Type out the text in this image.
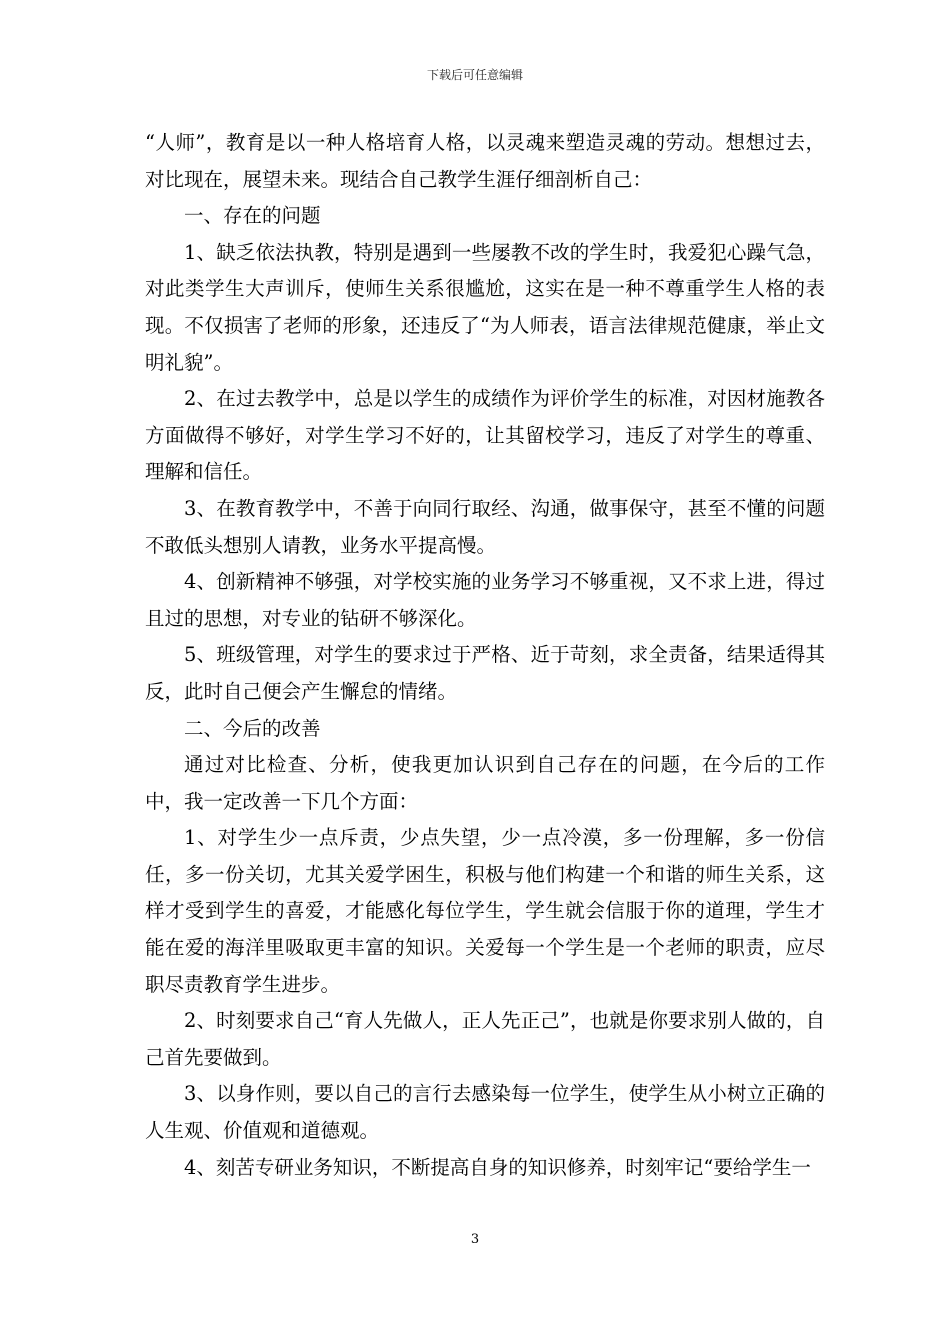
下载后可任意编辑

“人师”，教育是以一种人格培育人格，以灵魂来塑造灵魂的劳动。想想过去，对比现在，展望未来。现结合自己教学生涯仔细剖析自己：

一、存在的问题

1、缺乏依法执教，特别是遇到一些屡教不改的学生时，我爱犯心躁气急，对此类学生大声训斥，使师生关系很尴尬，这实在是一种不尊重学生人格的表现。不仅损害了老师的形象，还违反了“为人师表，语言法律规范健康，举止文明礼貌”。

2、在过去教学中，总是以学生的成绩作为评价学生的标准，对因材施教各方面做得不够好，对学生学习不好的，让其留校学习，违反了对学生的尊重、理解和信任。

3、在教育教学中，不善于向同行取经、沟通，做事保守，甚至不懂的问题不敢低头想别人请教，业务水平提高慢。

4、创新精神不够强，对学校实施的业务学习不够重视，又不求上进，得过且过的思想，对专业的钻研不够深化。

5、班级管理，对学生的要求过于严格、近于苛刻，求全责备，结果适得其反，此时自己便会产生懈怠的情绪。

二、今后的改善

通过对比检查、分析，使我更加认识到自己存在的问题，在今后的工作中，我一定改善一下几个方面：

1、对学生少一点斥责，少点失望，少一点冷漠，多一份理解，多一份信任，多一份关切，尤其关爱学困生，积极与他们构建一个和谐的师生关系，这样才受到学生的喜爱，才能感化每位学生，学生就会信服于你的道理，学生才能在爱的海洋里吸取更丰富的知识。关爱每一个学生是一个老师的职责，应尽职尽责教育学生进步。

2、时刻要求自己“育人先做人，正人先正己”，也就是你要求别人做的，自己首先要做到。

3、以身作则，要以自己的言行去感染每一位学生，使学生从小树立正确的人生观、价值观和道德观。

4、刻苦专研业务知识，不断提高自身的知识修养，时刻牢记“要给学生一

3
